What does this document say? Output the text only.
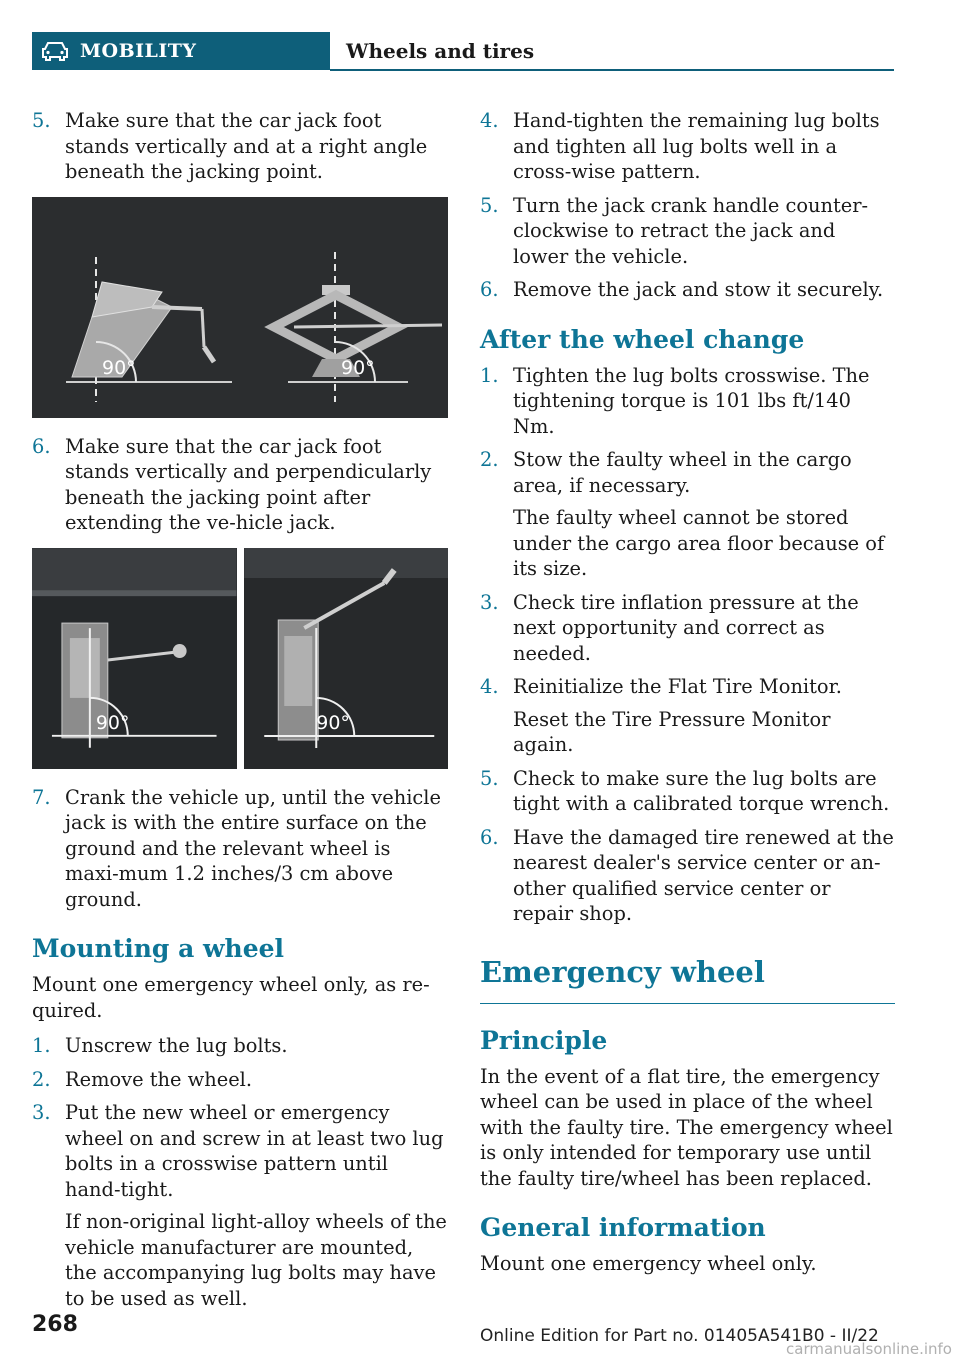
MOBILITY	Wheels and tires
5. Make sure that the car jack foot stands vertically and at a right angle beneath the jacking point.

90°	90°
6. Make sure that the car jack foot stands vertically and perpendicularly beneath the jacking point after extending the ve-hicle jack.

90°	90°
7. Crank the vehicle up, until the vehicle jack is with the entire surface on the ground and the relevant wheel is maxi-mum 1.2 inches/3 cm above ground.

Mounting a wheel

Mount one emergency wheel only, as re-quired.

1. Unscrew the lug bolts.

2. Remove the wheel.

3. Put the new wheel or emergency wheel on and screw in at least two lug bolts in a crosswise pattern until hand-tight.

If non-original light-alloy wheels of the vehicle manufacturer are mounted, the accompanying lug bolts may have to be used as well.

4. Hand-tighten the remaining lug bolts and tighten all lug bolts well in a cross-wise pattern.

5. Turn the jack crank handle counter-clockwise to retract the jack and lower the vehicle.

6. Remove the jack and stow it securely.

After the wheel change
1. Tighten the lug bolts crosswise. The tightening torque is 101 lbs ft/140 Nm.

2. Stow the faulty wheel in the cargo area, if necessary.

The faulty wheel cannot be stored under the cargo area floor because of its size.

3. Check tire inflation pressure at the next opportunity and correct as needed.

4. Reinitialize the Flat Tire Monitor.

Reset the Tire Pressure Monitor again.

5. Check to make sure the lug bolts are tight with a calibrated torque wrench.

6. Have the damaged tire renewed at the nearest dealer's service center or an-other qualified service center or repair shop.

Emergency wheel
Principle

In the event of a flat tire, the emergency wheel can be used in place of the wheel with the faulty tire. The emergency wheel is only intended for temporary use until the faulty tire/wheel has been replaced.

General information

Mount one emergency wheel only.

268	Online Edition for Part no. 01405A541B0 - II/22
carmanualsonline.info
